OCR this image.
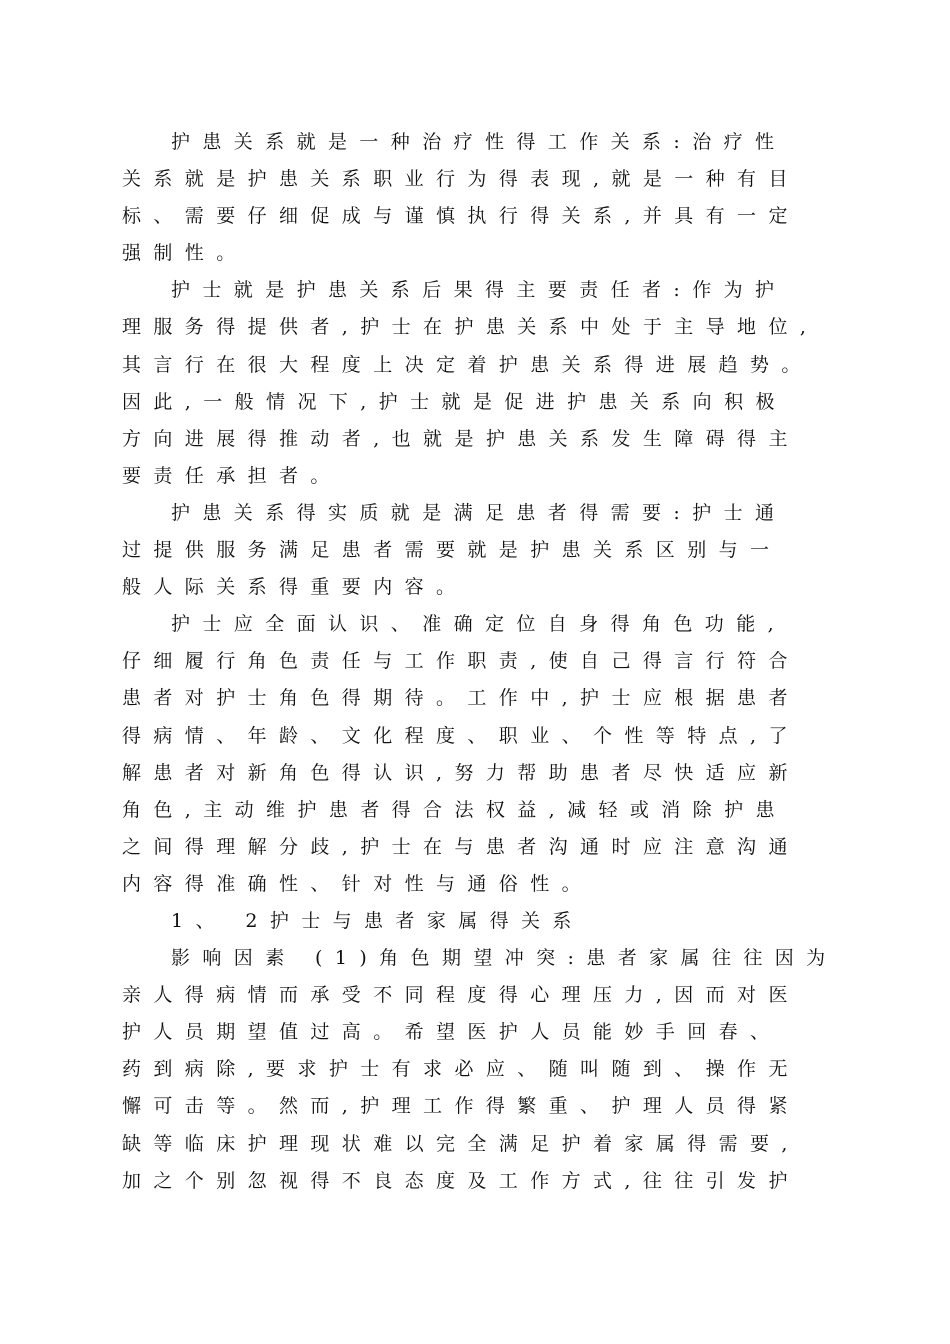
护患关系就是一种治疗性得工作关系:治疗性
关系就是护患关系职业行为得表现,就是一种有目
标、需要仔细促成与谨慎执行得关系,并具有一定
强制性。
护士就是护患关系后果得主要责任者:作为护
理服务得提供者,护士在护患关系中处于主导地位,
其言行在很大程度上决定着护患关系得进展趋势。
因此,一般情况下,护士就是促进护患关系向积极
方向进展得推动者,也就是护患关系发生障碍得主
要责任承担者。
护患关系得实质就是满足患者得需要:护士通
过提供服务满足患者需要就是护患关系区别与一
般人际关系得重要内容。
护士应全面认识、准确定位自身得角色功能,
仔细履行角色责任与工作职责,使自己得言行符合
患者对护士角色得期待。工作中,护士应根据患者
得病情、年龄、文化程度、职业、个性等特点,了
解患者对新角色得认识,努力帮助患者尽快适应新
角色,主动维护患者得合法权益,减轻或消除护患
之间得理解分歧,护士在与患者沟通时应注意沟通
内容得准确性、针对性与通俗性。
1、 2护士与患者家属得关系
影响因素 (1)角色期望冲突:患者家属往往因为
亲人得病情而承受不同程度得心理压力,因而对医
护人员期望值过高。希望医护人员能妙手回春、
药到病除,要求护士有求必应、随叫随到、操作无
懈可击等。然而,护理工作得繁重、护理人员得紧
缺等临床护理现状难以完全满足护着家属得需要,
加之个别忽视得不良态度及工作方式,往往引发护
